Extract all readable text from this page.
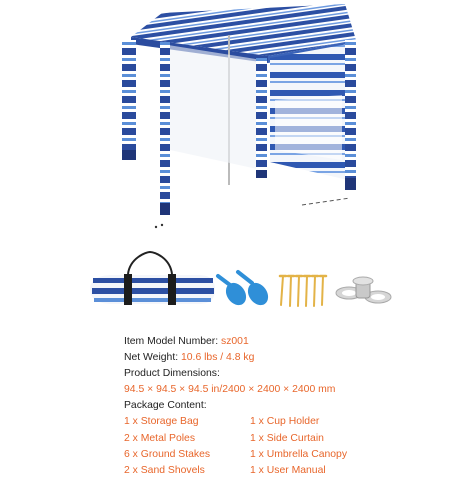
Item Model Number: sz001
Net Weight: 10.6 lbs / 4.8 kg
Product Dimensions:
94.5 × 94.5 × 94.5 in/2400 × 2400 × 2400 mm
Package Content:
1 x Storage Bag	1 x Cup Holder
2 x Metal Poles	1 x Side Curtain
6 x Ground Stakes	1 x Umbrella Canopy
2 x Sand Shovels	1 x User Manual
